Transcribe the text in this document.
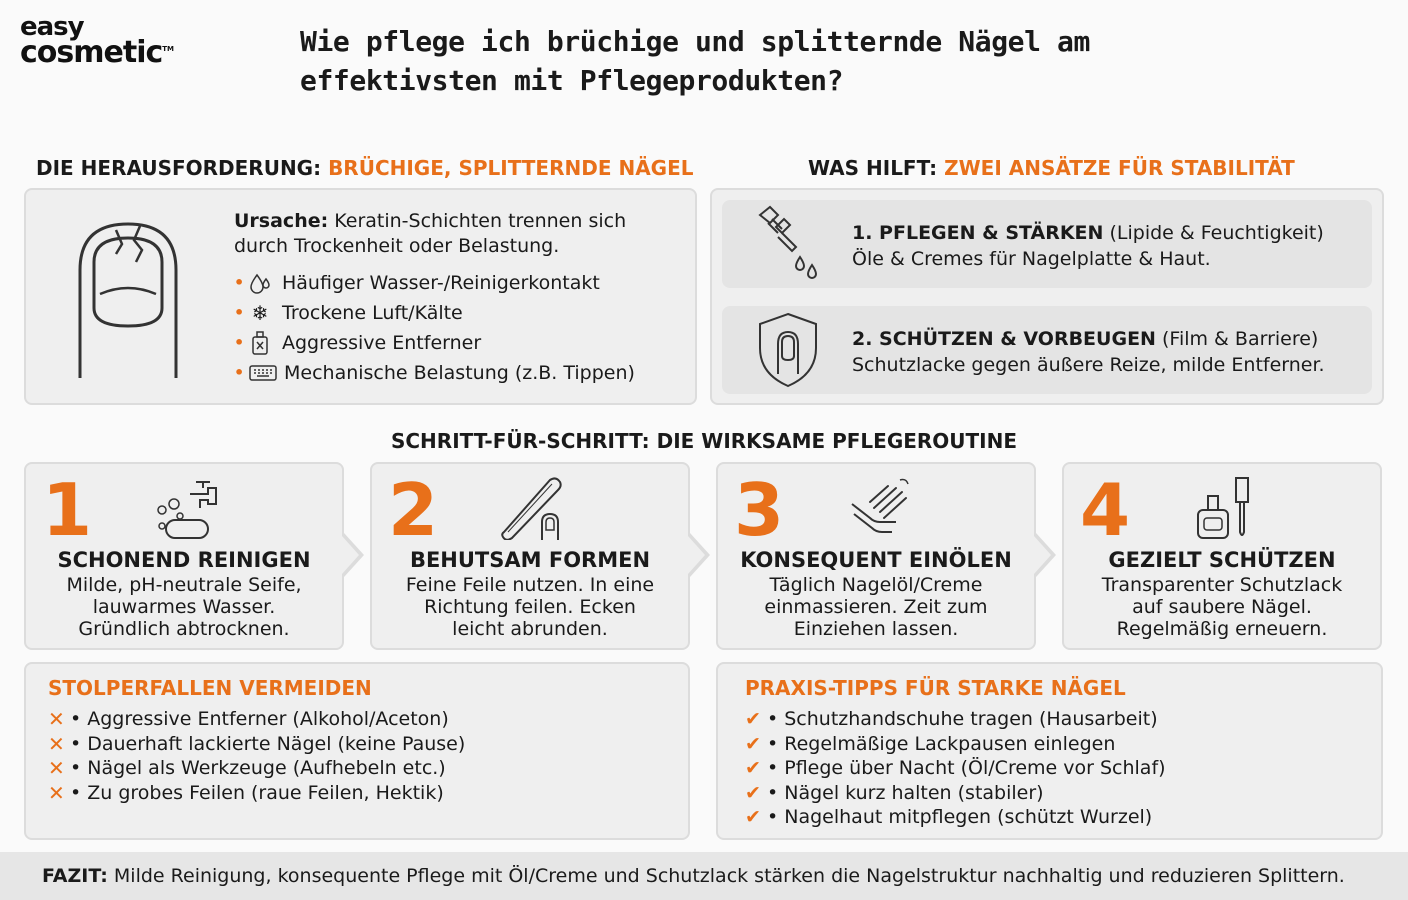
easy
cosmetic™	Wie pflege ich brüchige und splitternde Nägel am effektivsten mit Pflegeprodukten?
DIE HERAUSFORDERUNG: BRÜCHIGE, SPLITTERNDE NÄGEL
Ursache: Keratin-Schichten trennen sich durch Trockenheit oder Belastung.
• Häufiger Wasser-/Reinigerkontakt
• ❄ Trockene Luft/Kälte
• Aggressive Entferner
• Mechanische Belastung (z.B. Tippen)
WAS HILFT: ZWEI ANSÄTZE FÜR STABILITÄT
1. PFLEGEN & STÄRKEN (Lipide & Feuchtigkeit)
Öle & Cremes für Nagelplatte & Haut.
2. SCHÜTZEN & VORBEUGEN (Film & Barriere)
Schutzlacke gegen äußere Reize, milde Entferner.
SCHRITT-FÜR-SCHRITT: DIE WIRKSAME PFLEGEROUTINE
1
SCHONEND REINIGEN
Milde, pH-neutrale Seife,
lauwarmes Wasser.
Gründlich abtrocknen.
2
BEHUTSAM FORMEN
Feine Feile nutzen. In eine
Richtung feilen. Ecken
leicht abrunden.
3
KONSEQUENT EINÖLEN
Täglich Nagelöl/Creme
einmassieren. Zeit zum
Einziehen lassen.
4
GEZIELT SCHÜTZEN
Transparenter Schutzlack
auf saubere Nägel.
Regelmäßig erneuern.
STOLPERFALLEN VERMEIDEN
✕ • Aggressive Entferner (Alkohol/Aceton)
✕ • Dauerhaft lackierte Nägel (keine Pause)
✕ • Nägel als Werkzeuge (Aufhebeln etc.)
✕ • Zu grobes Feilen (raue Feilen, Hektik)
PRAXIS-TIPPS FÜR STARKE NÄGEL
✔ • Schutzhandschuhe tragen (Hausarbeit)
✔ • Regelmäßige Lackpausen einlegen
✔ • Pflege über Nacht (Öl/Creme vor Schlaf)
✔ • Nägel kurz halten (stabiler)
✔ • Nagelhaut mitpflegen (schützt Wurzel)
FAZIT: Milde Reinigung, konsequente Pflege mit Öl/Creme und Schutzlack stärken die Nagelstruktur nachhaltig und reduzieren Splittern.
